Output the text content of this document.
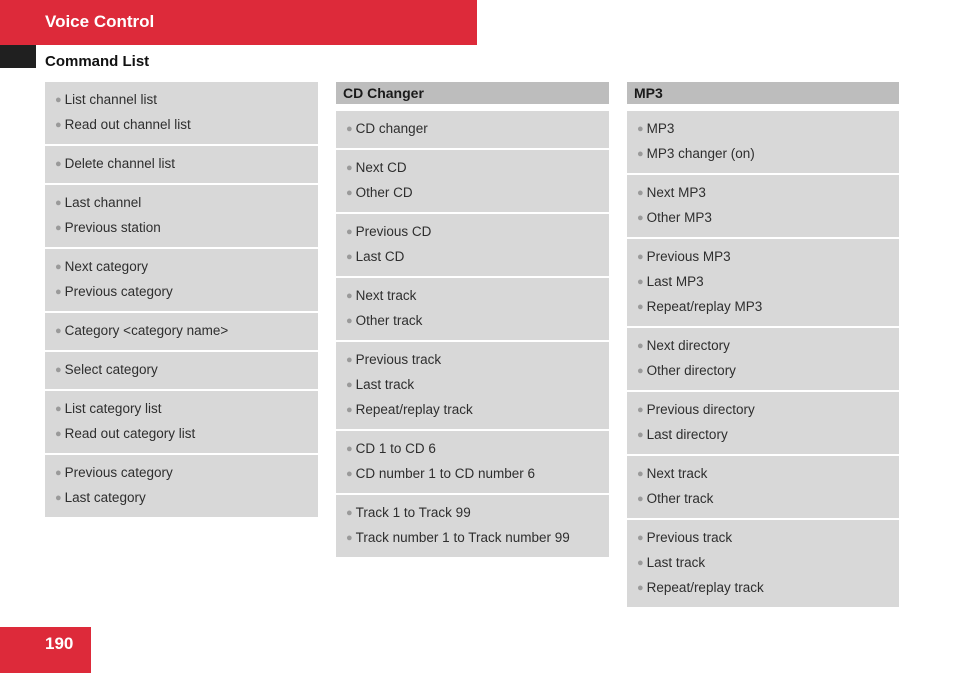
Voice Control
Command List
● List channel list
● Read out channel list
● Delete channel list
● Last channel
● Previous station
● Next category
● Previous category
● Category <category name>
● Select category
● List category list
● Read out category list
● Previous category
● Last category
CD Changer
● CD changer
● Next CD
● Other CD
● Previous CD
● Last CD
● Next track
● Other track
● Previous track
● Last track
● Repeat/replay track
● CD 1 to CD 6
● CD number 1 to CD number 6
● Track 1 to Track 99
● Track number 1 to Track number 99
MP3
● MP3
● MP3 changer (on)
● Next MP3
● Other MP3
● Previous MP3
● Last MP3
● Repeat/replay MP3
● Next directory
● Other directory
● Previous directory
● Last directory
● Next track
● Other track
● Previous track
● Last track
● Repeat/replay track
190
